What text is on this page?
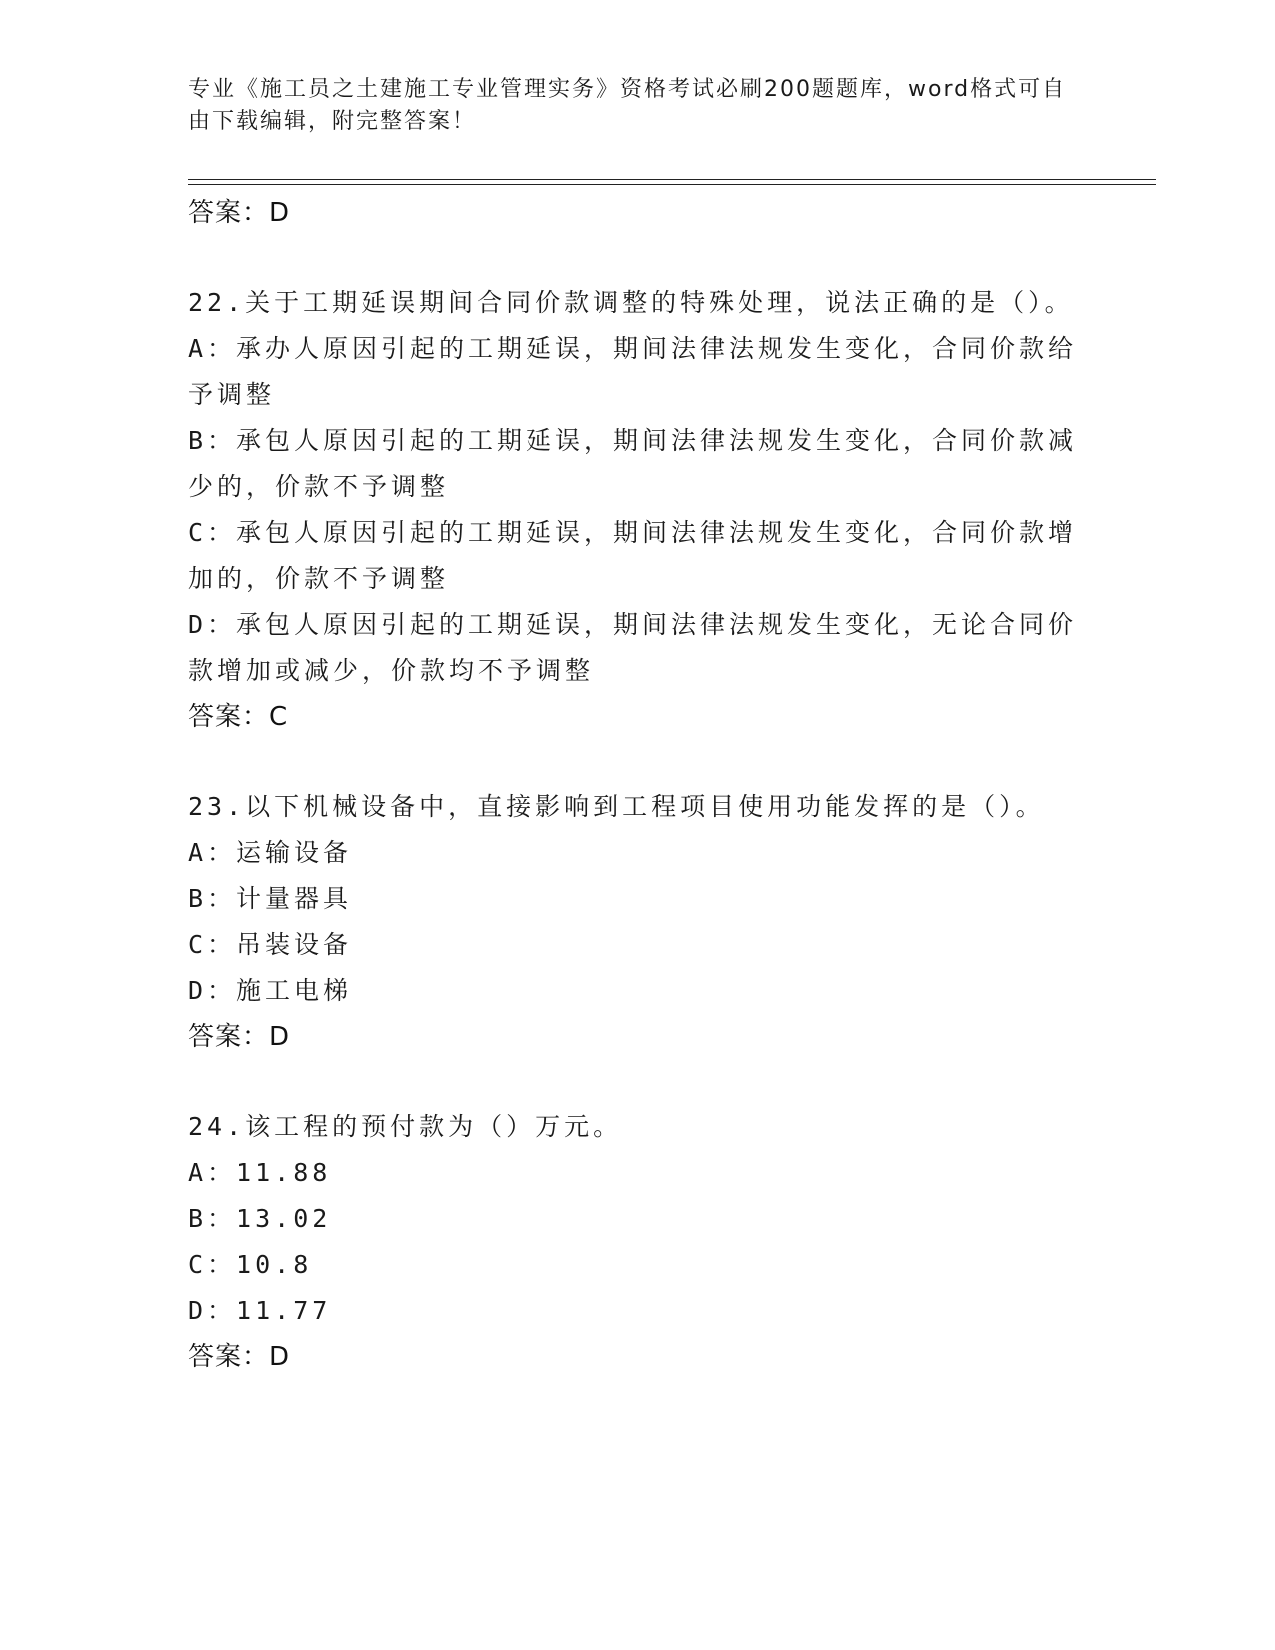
专业《施工员之土建施工专业管理实务》资格考试必刷200题题库，word格式可自由下载编辑，附完整答案！
答案：D
22.关于工期延误期间合同价款调整的特殊处理，说法正确的是（）。

A：承办人原因引起的工期延误，期间法律法规发生变化，合同价款给予调整

B：承包人原因引起的工期延误，期间法律法规发生变化，合同价款减少的，价款不予调整

C：承包人原因引起的工期延误，期间法律法规发生变化，合同价款增加的，价款不予调整

D：承包人原因引起的工期延误，期间法律法规发生变化，无论合同价款增加或减少，价款均不予调整

答案：C
23.以下机械设备中，直接影响到工程项目使用功能发挥的是（）。

A：运输设备

B：计量器具

C：吊装设备

D：施工电梯

答案：D
24.该工程的预付款为（）万元。

A：11.88

B：13.02

C：10.8

D：11.77

答案：D
